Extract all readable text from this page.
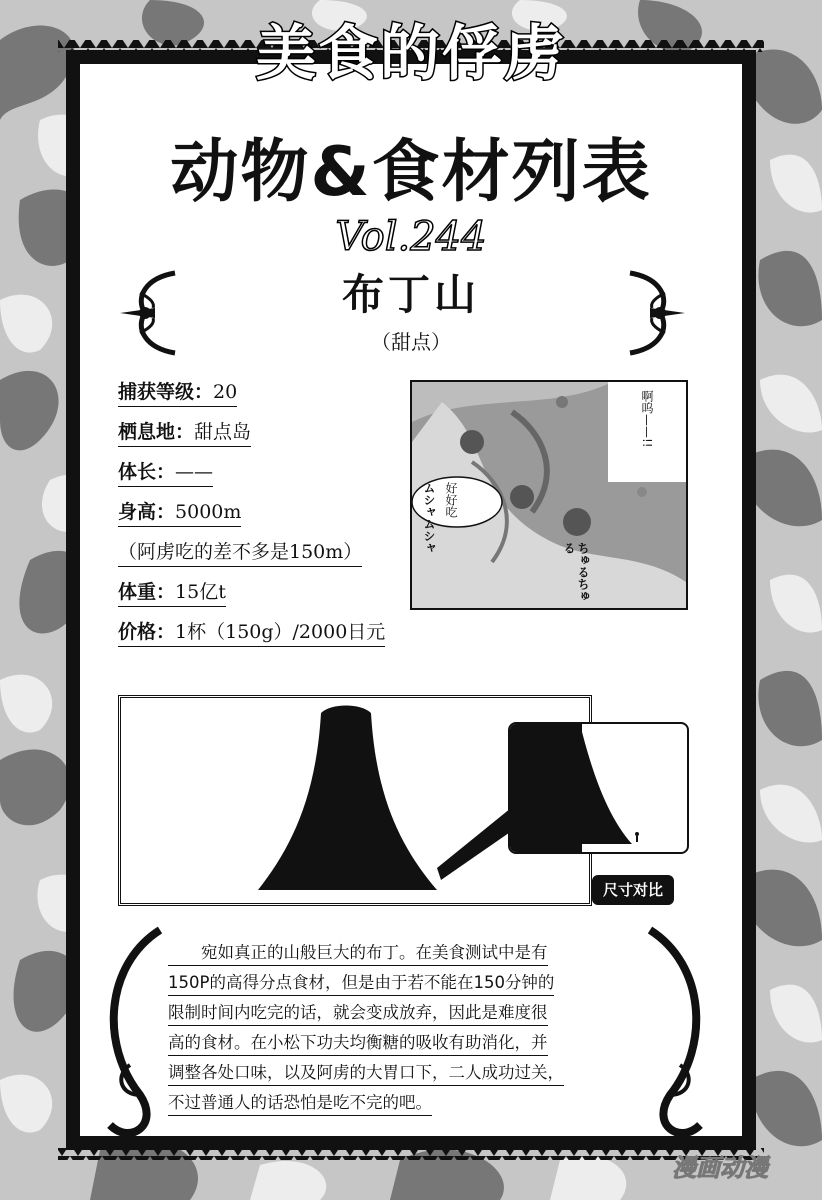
美食的俘虏
动物&食材列表
Vol.244
布丁山
（甜点）
捕获等级：20
栖息地：甜点岛
体长：——
身高：5000m
（阿虏吃的差不多是150m）
体重：15亿t
价格：1杯（150g）/2000日元
啊呜——!!
好好吃
ムシャムシャ
ちゅるちゅる
尺寸对比
　　宛如真正的山般巨大的布丁。在美食测试中是有
150P的高得分点食材，但是由于若不能在150分钟的
限制时间内吃完的话，就会变成放弃，因此是难度很
高的食材。在小松下功夫均衡糖的吸收有助消化，并
调整各处口味，以及阿虏的大胃口下，二人成功过关，
不过普通人的话恐怕是吃不完的吧。
漫画动漫
